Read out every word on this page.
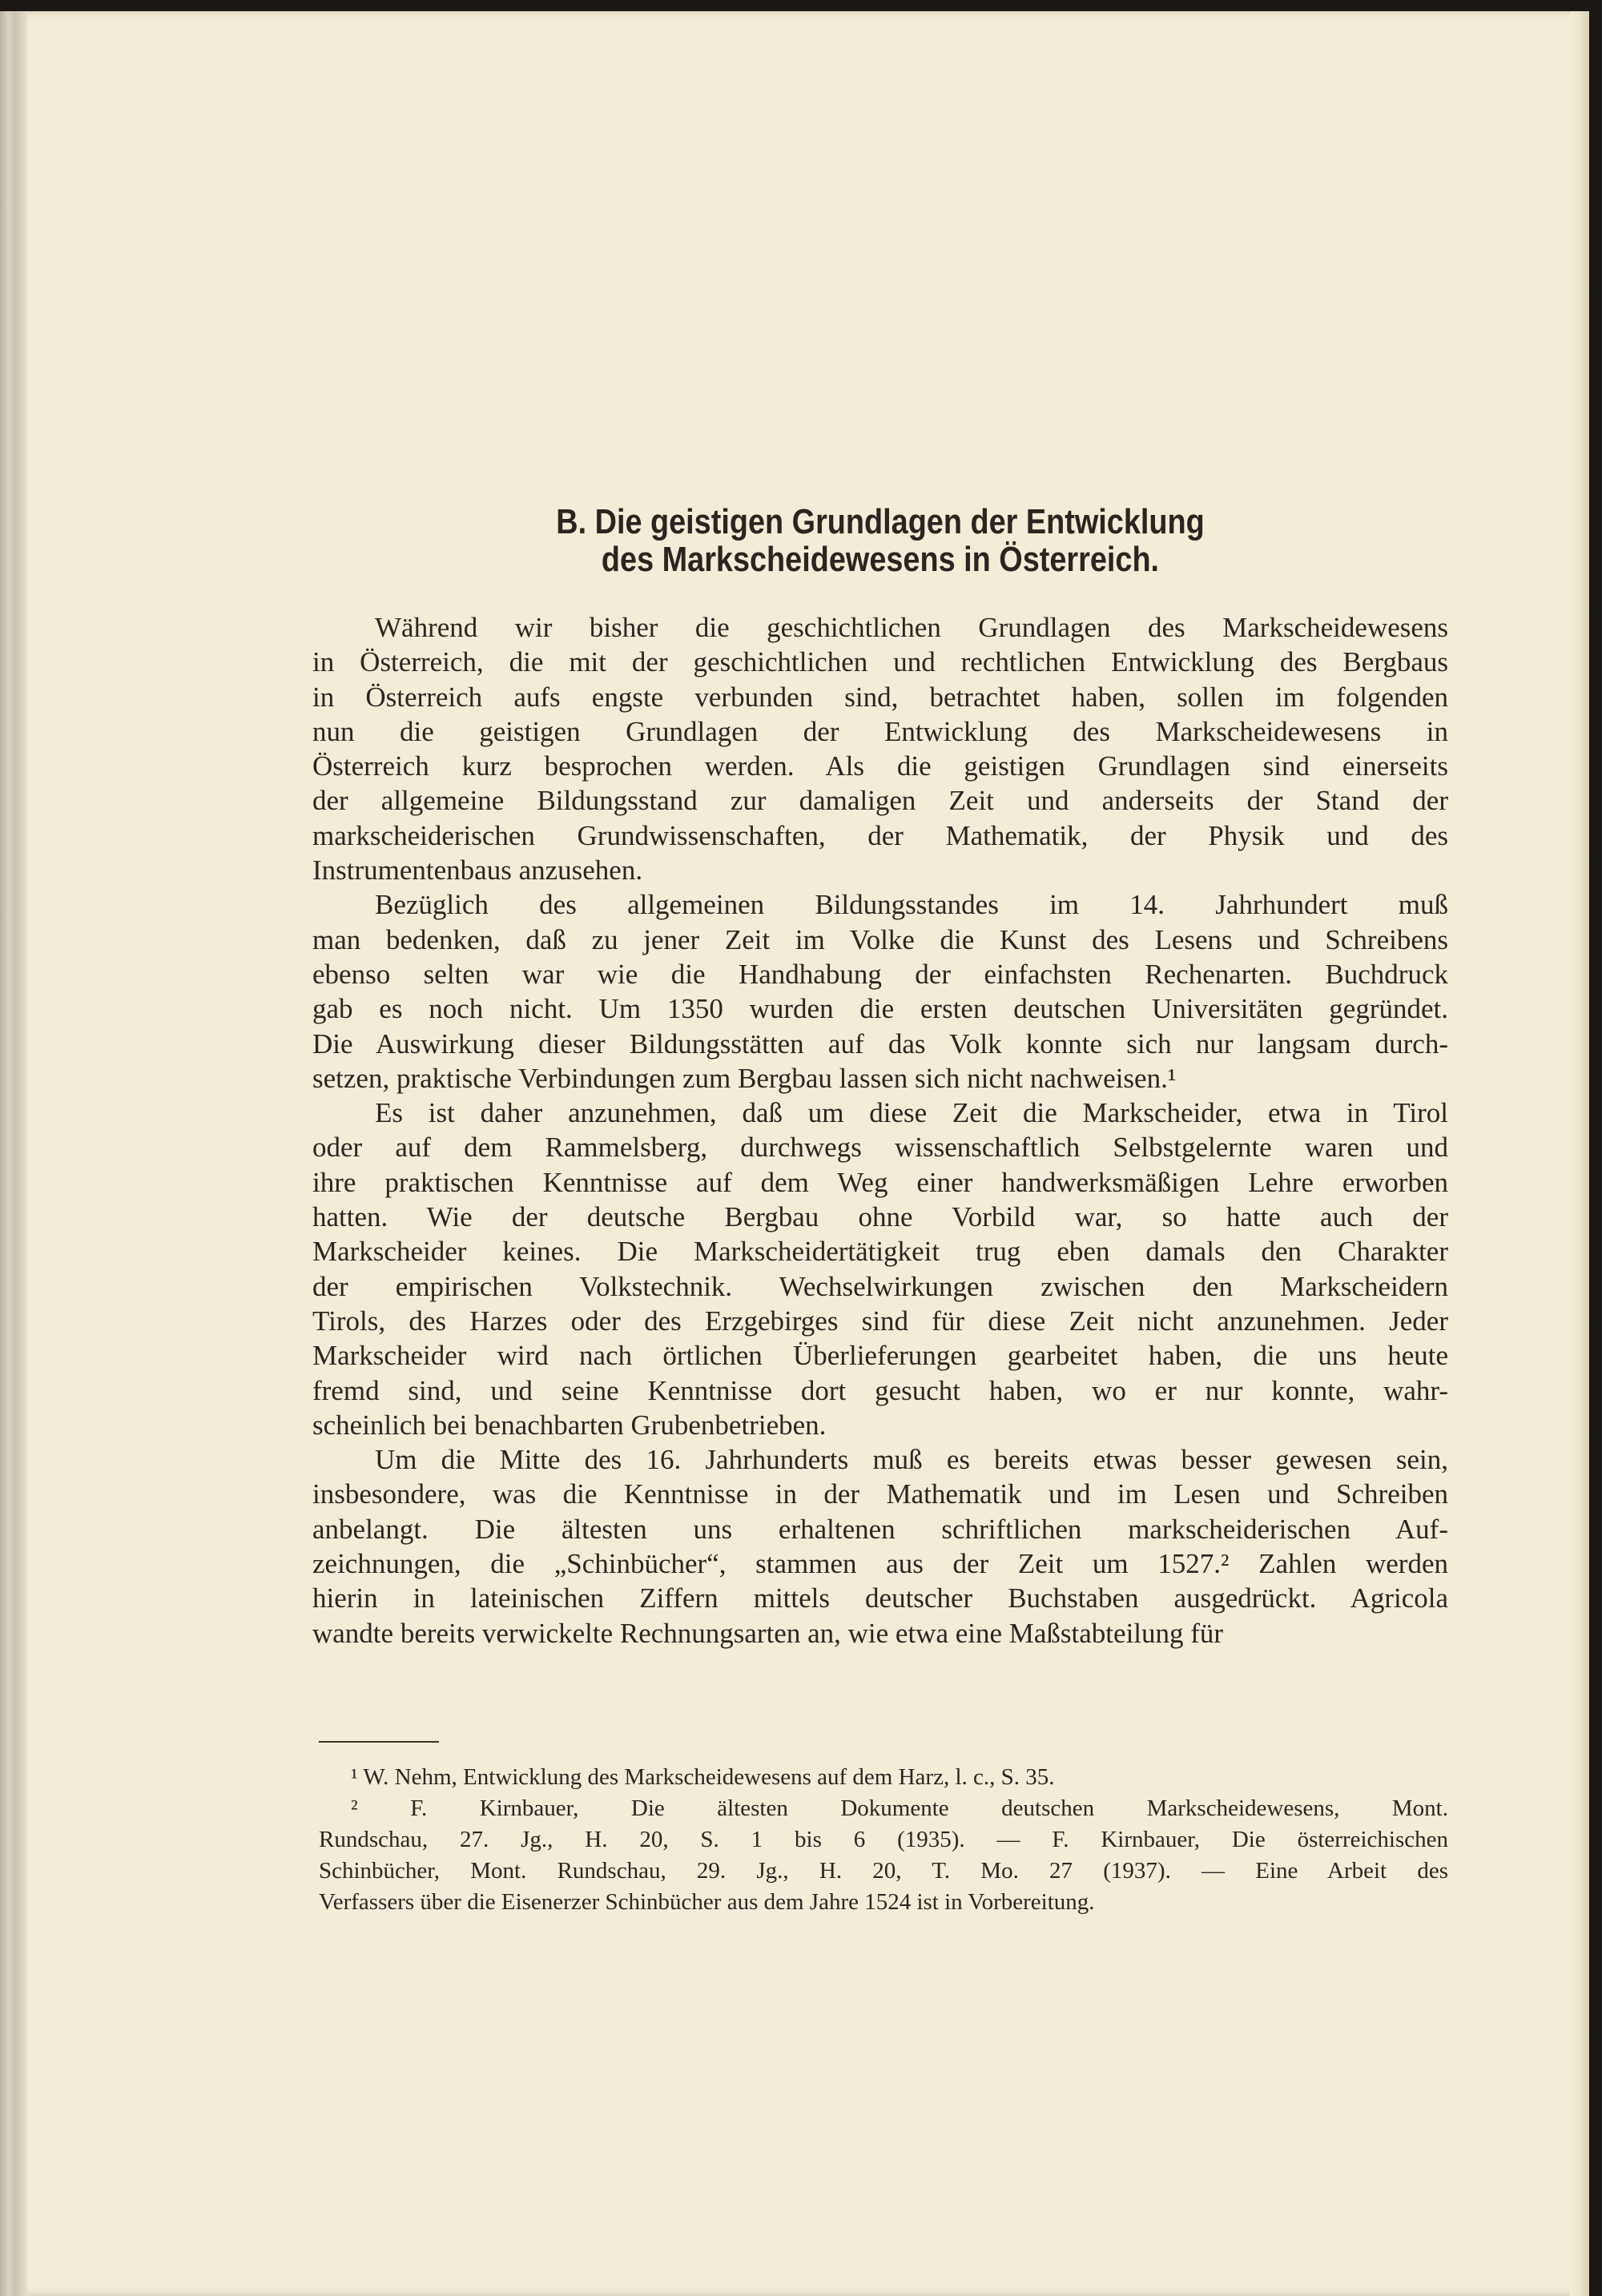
B. Die geistigen Grundlagen der Entwicklung
des Markscheidewesens in Österreich.
Während wir bisher die geschichtlichen Grundlagen des Markscheidewesens
in Österreich, die mit der geschichtlichen und rechtlichen Entwicklung des Bergbaus
in Österreich aufs engste verbunden sind, betrachtet haben, sollen im folgenden
nun die geistigen Grundlagen der Entwicklung des Markscheidewesens in
Österreich kurz besprochen werden. Als die geistigen Grundlagen sind einerseits
der allgemeine Bildungsstand zur damaligen Zeit und anderseits der Stand der
markscheiderischen Grundwissenschaften, der Mathematik, der Physik und des
Instrumentenbaus anzusehen.
Bezüglich des allgemeinen Bildungsstandes im 14. Jahrhundert muß
man bedenken, daß zu jener Zeit im Volke die Kunst des Lesens und Schreibens
ebenso selten war wie die Handhabung der einfachsten Rechenarten. Buchdruck
gab es noch nicht. Um 1350 wurden die ersten deutschen Universitäten gegründet.
Die Auswirkung dieser Bildungsstätten auf das Volk konnte sich nur langsam durch-
setzen, praktische Verbindungen zum Bergbau lassen sich nicht nachweisen.¹
Es ist daher anzunehmen, daß um diese Zeit die Markscheider, etwa in Tirol
oder auf dem Rammelsberg, durchwegs wissenschaftlich Selbstgelernte waren und
ihre praktischen Kenntnisse auf dem Weg einer handwerksmäßigen Lehre erworben
hatten. Wie der deutsche Bergbau ohne Vorbild war, so hatte auch der
Markscheider keines. Die Markscheidertätigkeit trug eben damals den Charakter
der empirischen Volkstechnik. Wechselwirkungen zwischen den Markscheidern
Tirols, des Harzes oder des Erzgebirges sind für diese Zeit nicht anzunehmen. Jeder
Markscheider wird nach örtlichen Überlieferungen gearbeitet haben, die uns heute
fremd sind, und seine Kenntnisse dort gesucht haben, wo er nur konnte, wahr-
scheinlich bei benachbarten Grubenbetrieben.
Um die Mitte des 16. Jahrhunderts muß es bereits etwas besser gewesen sein,
insbesondere, was die Kenntnisse in der Mathematik und im Lesen und Schreiben
anbelangt. Die ältesten uns erhaltenen schriftlichen markscheiderischen Auf-
zeichnungen, die „Schinbücher“, stammen aus der Zeit um 1527.² Zahlen werden
hierin in lateinischen Ziffern mittels deutscher Buchstaben ausgedrückt. Agricola
wandte bereits verwickelte Rechnungsarten an, wie etwa eine Maßstabteilung für
¹ W. Nehm, Entwicklung des Markscheidewesens auf dem Harz, l. c., S. 35.
² F. Kirnbauer, Die ältesten Dokumente deutschen Markscheidewesens, Mont.
Rundschau, 27. Jg., H. 20, S. 1 bis 6 (1935). — F. Kirnbauer, Die österreichischen
Schinbücher, Mont. Rundschau, 29. Jg., H. 20, T. Mo. 27 (1937). — Eine Arbeit des
Verfassers über die Eisenerzer Schinbücher aus dem Jahre 1524 ist in Vorbereitung.
